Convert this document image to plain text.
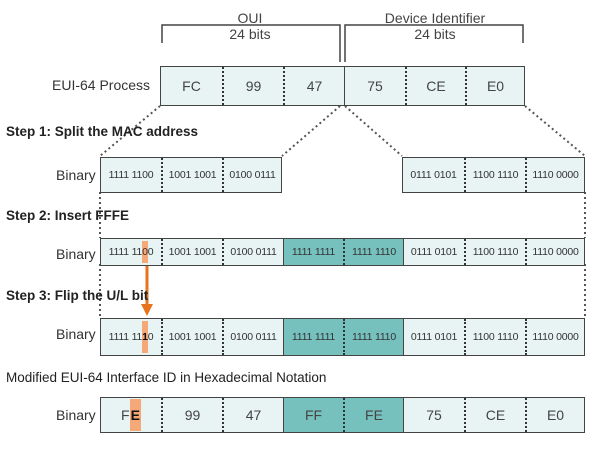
OUI
24 bits
Device Identifier
24 bits
EUI-64 Process	FC	99	47	75	CE	E0
Step 1: Split the MAC address
Binary	1111 1100	1001 1001	0100 0111	0111 0101	1100 1110	1110 0000
Step 2: Insert FFFE
Binary 1111 11 0 0	1001 1001	0100 0111	1111 1111	1111 1110	0111 0101	1100 1110	1110 0000
Step 3: Flip the U/L bit
Binary 1111 11 1 0	1001 1001	0100 0111	1111 1111	1111 1110	0111 0101	1100 1110	1110 0000
Modified EUI-64 Interface ID in Hexadecimal Notation
Binary F E	99	47	FF	FE	75	CE	E0
